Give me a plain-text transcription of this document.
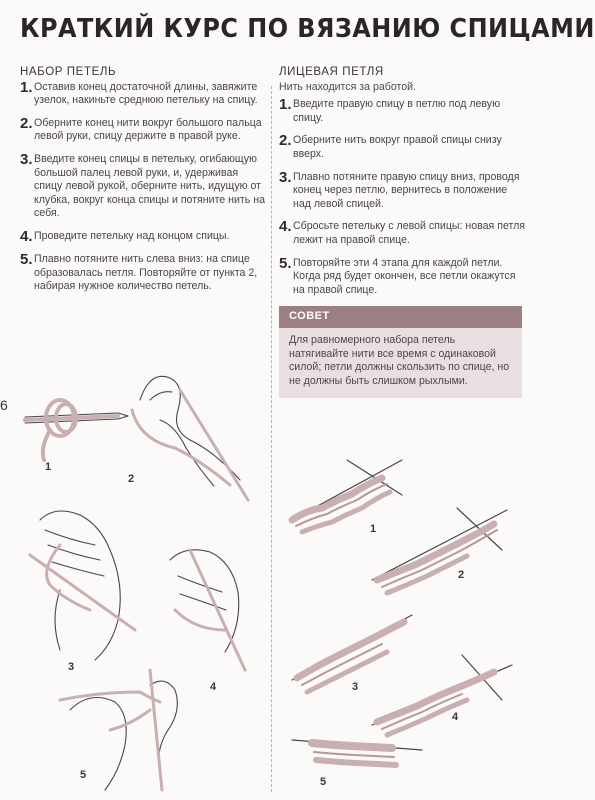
КРАТКИЙ КУРС ПО ВЯЗАНИЮ СПИЦАМИ
6
НАБОР ПЕТЕЛЬ
1. Оставив конец достаточной длины, завяжите узелок, накиньте среднюю петельку на спицу.
2. Оберните конец нити вокруг большого пальца левой руки, спицу держите в правой руке.
3. Введите конец спицы в петельку, огибающую большой палец левой руки, и, удерживая спицу левой рукой, оберните нить, идущую от клубка, вокруг конца спицы и потяните нить на себя.
4. Проведите петельку над концом спицы.
5. Плавно потяните нить слева вниз: на спице образовалась петля. Повторяйте от пункта 2, набирая нужное количество петель.
ЛИЦЕВАЯ ПЕТЛЯ
Нить находится за работой.
1. Введите правую спицу в петлю под левую спицу.
2. Оберните нить вокруг правой спицы снизу вверх.
3. Плавно потяните правую спицу вниз, проводя конец через петлю, вернитесь в положение над левой спицей.
4. Сбросьте петельку с левой спицы: новая петля лежит на правой спице.
5. Повторяйте эти 4 этапа для каждой петли. Когда ряд будет окончен, все петли окажутся на правой спице.
СОВЕТ
Для равномерного набора петель натягивайте нити все время с одинаковой силой; петли должны скользить по спице, но не должны быть слишком рыхлыми.
1
2
3
4
5
1
2
3
4
5
